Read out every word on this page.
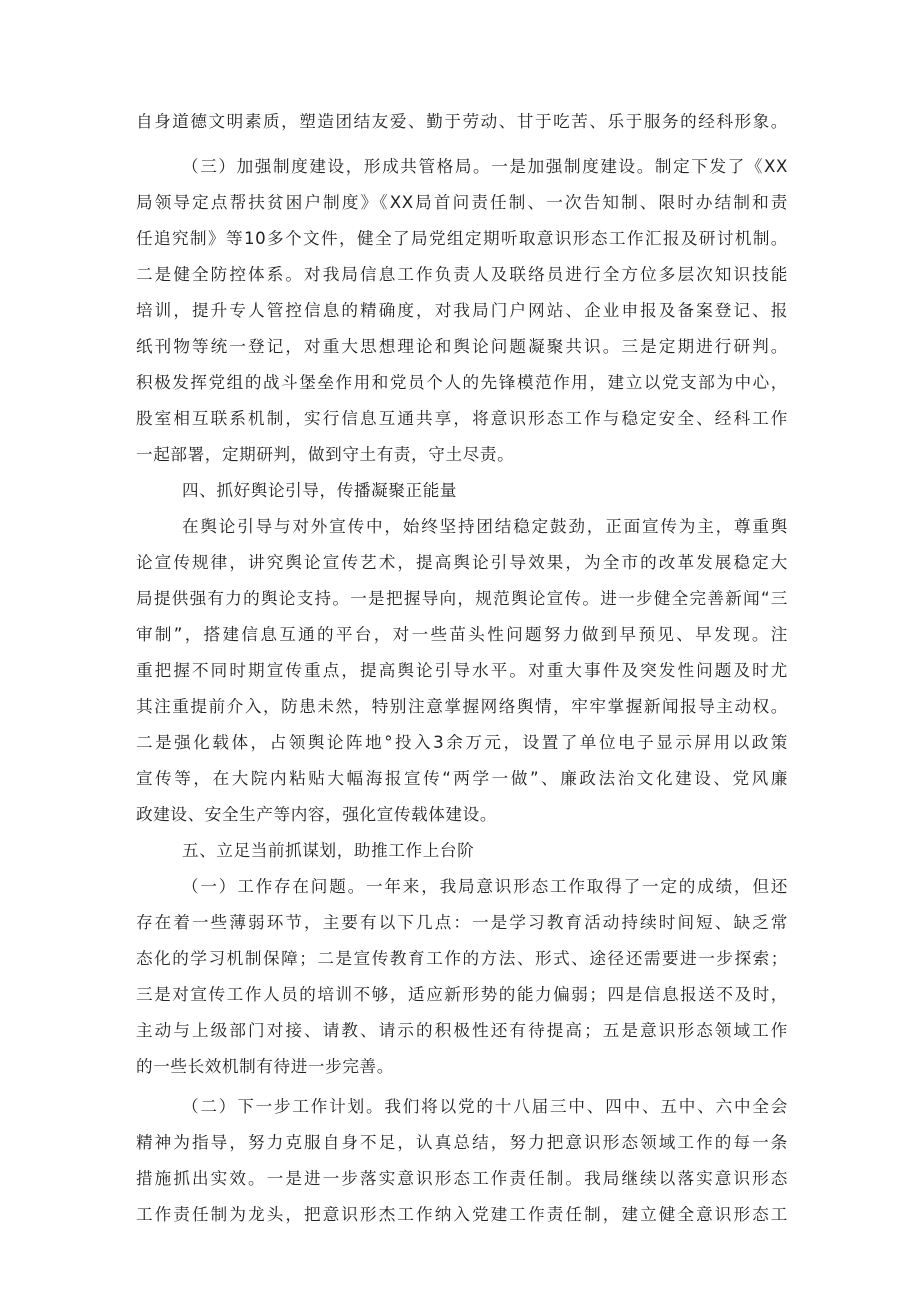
自身道德文明素质，塑造团结友爱、勤于劳动、甘于吃苦、乐于服务的经科形象。
（三）加强制度建设，形成共管格局。一是加强制度建设。制定下发了《XX
局领导定点帮扶贫困户制度》《XX局首问责任制、一次告知制、限时办结制和责
任追究制》等10多个文件，健全了局党组定期听取意识形态工作汇报及研讨机制。
二是健全防控体系。对我局信息工作负责人及联络员进行全方位多层次知识技能
培训，提升专人管控信息的精确度，对我局门户网站、企业申报及备案登记、报
纸刊物等统一登记，对重大思想理论和舆论问题凝聚共识。三是定期进行研判。
积极发挥党组的战斗堡垒作用和党员个人的先锋模范作用，建立以党支部为中心，
股室相互联系机制，实行信息互通共享，将意识形态工作与稳定安全、经科工作
一起部署，定期研判，做到守土有责，守土尽责。
四、抓好舆论引导，传播凝聚正能量
在舆论引导与对外宣传中，始终坚持团结稳定鼓劲，正面宣传为主，尊重舆
论宣传规律，讲究舆论宣传艺术，提高舆论引导效果，为全市的改革发展稳定大
局提供强有力的舆论支持。一是把握导向，规范舆论宣传。进一步健全完善新闻“三
审制”，搭建信息互通的平台，对一些苗头性问题努力做到早预见、早发现。注
重把握不同时期宣传重点，提高舆论引导水平。对重大事件及突发性问题及时尤
其注重提前介入，防患未然，特别注意掌握网络舆情，牢牢掌握新闻报导主动权。
二是强化载体，占领舆论阵地°投入3余万元，设置了单位电子显示屏用以政策
宣传等，在大院内粘贴大幅海报宣传“两学一做”、廉政法治文化建设、党风廉
政建设、安全生产等内容，强化宣传载体建设。
五、立足当前抓谋划，助推工作上台阶
（一）工作存在问题。一年来，我局意识形态工作取得了一定的成绩，但还
存在着一些薄弱环节，主要有以下几点：一是学习教育活动持续时间短、缺乏常
态化的学习机制保障；二是宣传教育工作的方法、形式、途径还需要进一步探索；
三是对宣传工作人员的培训不够，适应新形势的能力偏弱；四是信息报送不及时，
主动与上级部门对接、请教、请示的积极性还有待提高；五是意识形态领域工作
的一些长效机制有待进一步完善。
（二）下一步工作计划。我们将以党的十八届三中、四中、五中、六中全会
精神为指导，努力克服自身不足，认真总结，努力把意识形态领域工作的每一条
措施抓出实效。一是进一步落实意识形态工作责任制。我局继续以落实意识形态
工作责任制为龙头，把意识形杰工作纳入党建工作责任制，建立健全意识形态工
